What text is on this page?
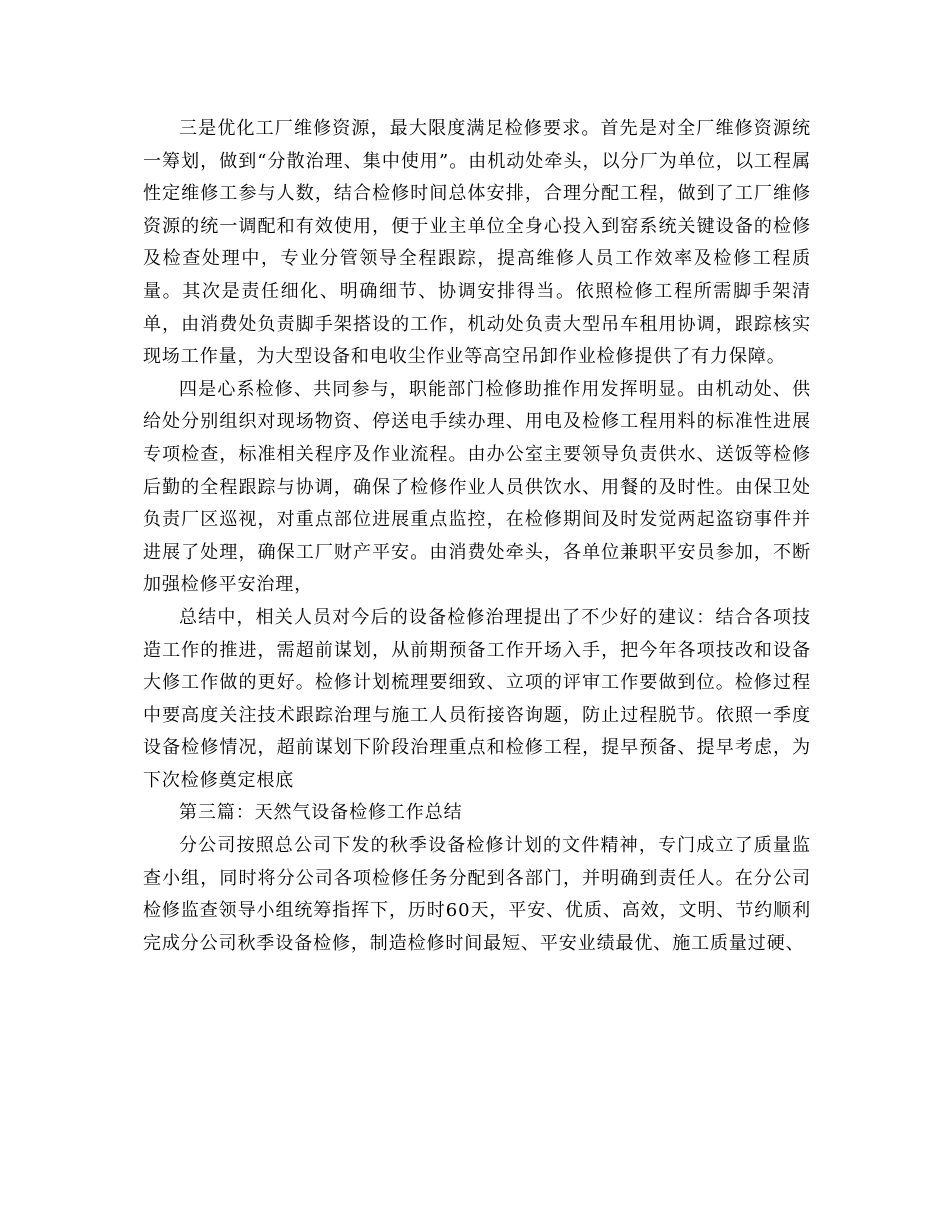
三是优化工厂维修资源，最大限度满足检修要求。首先是对全厂维修资源统一筹划，做到“分散治理、集中使用”。由机动处牵头，以分厂为单位，以工程属性定维修工参与人数，结合检修时间总体安排，合理分配工程，做到了工厂维修资源的统一调配和有效使用，便于业主单位全身心投入到窑系统关键设备的检修及检查处理中，专业分管领导全程跟踪，提高维修人员工作效率及检修工程质量。其次是责任细化、明确细节、协调安排得当。依照检修工程所需脚手架清单，由消费处负责脚手架搭设的工作，机动处负责大型吊车租用协调，跟踪核实现场工作量，为大型设备和电收尘作业等高空吊卸作业检修提供了有力保障。

四是心系检修、共同参与，职能部门检修助推作用发挥明显。由机动处、供给处分别组织对现场物资、停送电手续办理、用电及检修工程用料的标准性进展专项检查，标准相关程序及作业流程。由办公室主要领导负责供水、送饭等检修后勤的全程跟踪与协调，确保了检修作业人员供饮水、用餐的及时性。由保卫处负责厂区巡视，对重点部位进展重点监控，在检修期间及时发觉两起盗窃事件并进展了处理，确保工厂财产平安。由消费处牵头，各单位兼职平安员参加，不断加强检修平安治理，

总结中，相关人员对今后的设备检修治理提出了不少好的建议：结合各项技造工作的推进，需超前谋划，从前期预备工作开场入手，把今年各项技改和设备大修工作做的更好。检修计划梳理要细致、立项的评审工作要做到位。检修过程中要高度关注技术跟踪治理与施工人员衔接咨询题，防止过程脱节。依照一季度设备检修情况，超前谋划下阶段治理重点和检修工程，提早预备、提早考虑，为下次检修奠定根底

第三篇：天然气设备检修工作总结

分公司按照总公司下发的秋季设备检修计划的文件精神，专门成立了质量监查小组，同时将分公司各项检修任务分配到各部门，并明确到责任人。在分公司检修监查领导小组统筹指挥下，历时60天，平安、优质、高效，文明、节约顺利完成分公司秋季设备检修，制造检修时间最短、平安业绩最优、施工质量过硬、
